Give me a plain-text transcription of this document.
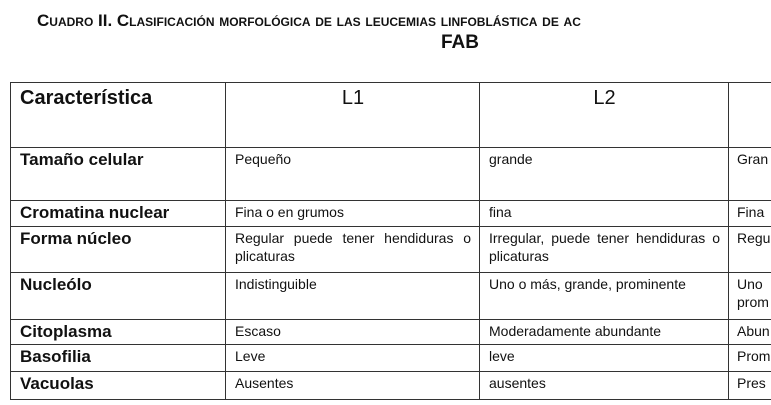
Cuadro II. Clasificación morfológica de las leucemias linfoblástica de ac
FAB
Característica	L1	L2	
Tamaño celular	Pequeño	grande	Gran
Cromatina nuclear	Fina o en grumos	fina	Fina
Forma núcleo	Regular puede tener hendiduras o plicaturas	Irregular, puede tener hendiduras o plicaturas	Regu
Nucleólo	Indistinguible	Uno o más, grande, prominente	Uno prom
Citoplasma	Escaso	Moderadamente abundante	Abun
Basofilia	Leve	leve	Prom
Vacuolas	Ausentes	ausentes	Pres
